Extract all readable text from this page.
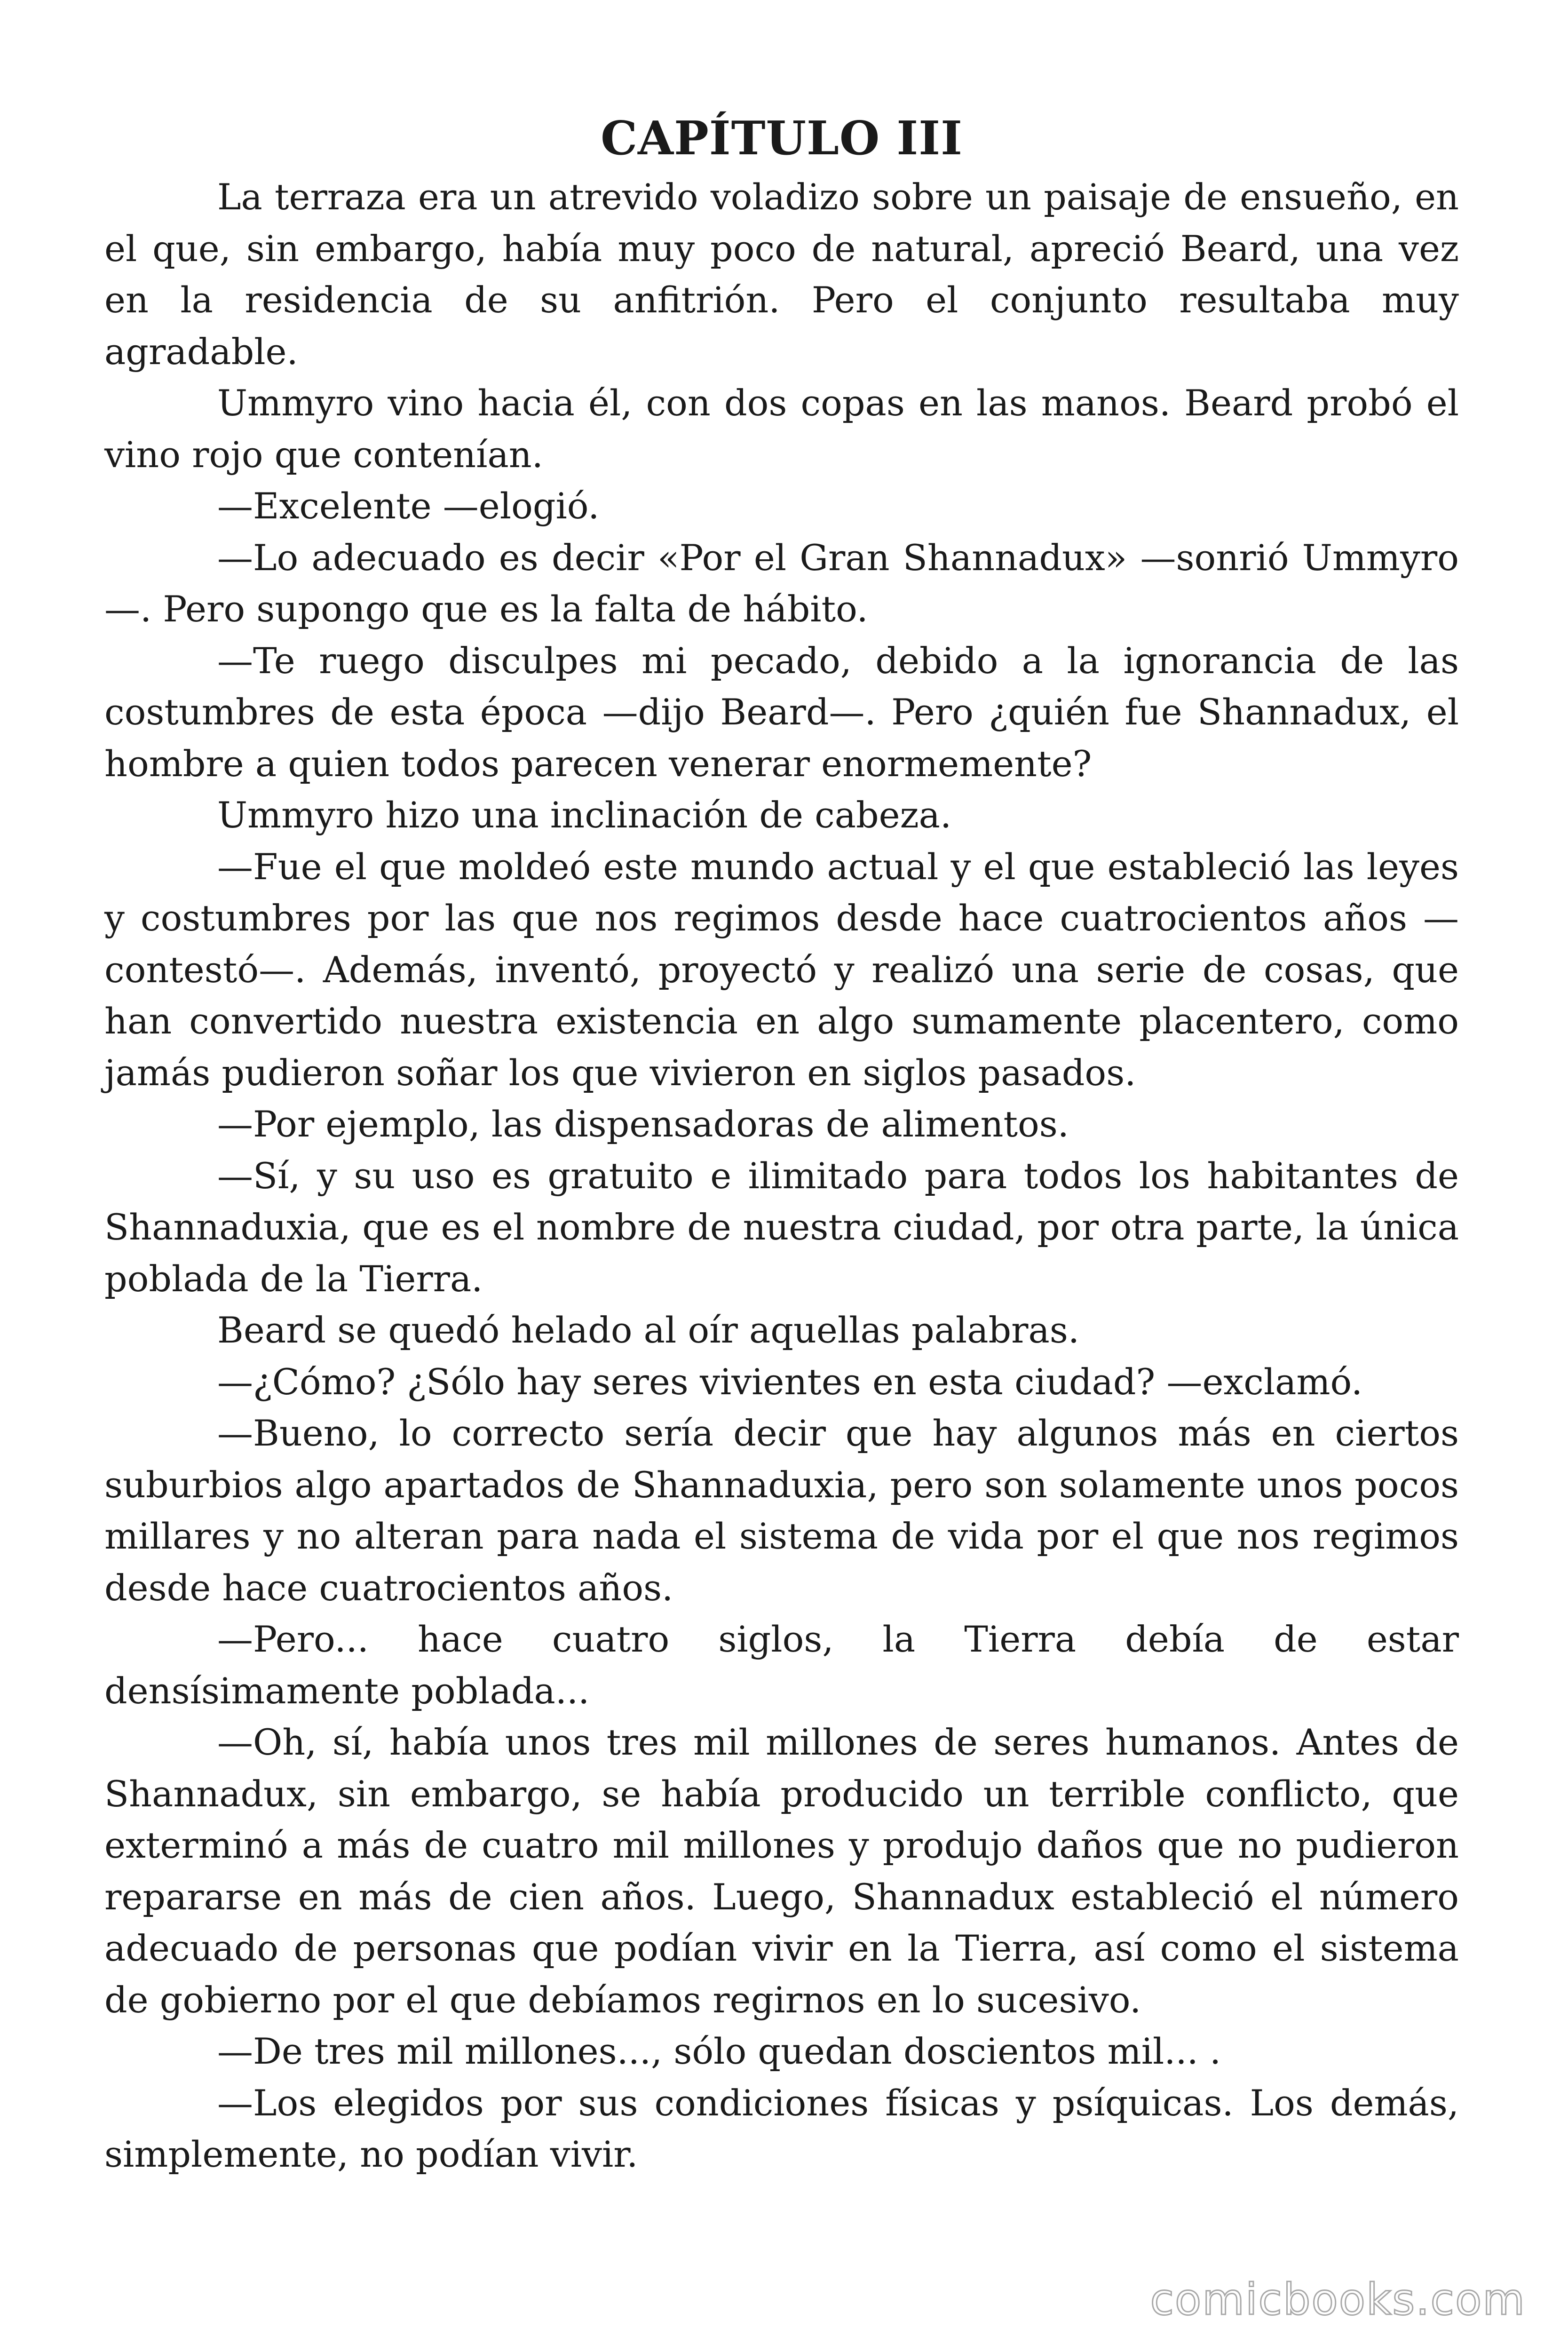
CAPÍTULO III

La terraza era un atrevido voladizo sobre un paisaje de ensueño, en el que, sin embargo, había muy poco de natural, apreció Beard, una vez en la residencia de su anfitrión. Pero el conjunto resultaba muy agradable.

Ummyro vino hacia él, con dos copas en las manos. Beard probó el vino rojo que contenían.

—Excelente —elogió.

—Lo adecuado es decir «Por el Gran Shannadux» —sonrió Ummyro—. Pero supongo que es la falta de hábito.

—Te ruego disculpes mi pecado, debido a la ignorancia de las costumbres de esta época —dijo Beard—. Pero ¿quién fue Shannadux, el hombre a quien todos parecen venerar enormemente?

Ummyro hizo una inclinación de cabeza.

—Fue el que moldeó este mundo actual y el que estableció las leyes y costumbres por las que nos regimos desde hace cuatrocientos años —contestó—. Además, inventó, proyectó y realizó una serie de cosas, que han convertido nuestra existencia en algo sumamente placentero, como jamás pudieron soñar los que vivieron en siglos pasados.

—Por ejemplo, las dispensadoras de alimentos.

—Sí, y su uso es gratuito e ilimitado para todos los habitantes de Shannaduxia, que es el nombre de nuestra ciudad, por otra parte, la única poblada de la Tierra.

Beard se quedó helado al oír aquellas palabras.

—¿Cómo? ¿Sólo hay seres vivientes en esta ciudad? —exclamó.

—Bueno, lo correcto sería decir que hay algunos más en ciertos suburbios algo apartados de Shannaduxia, pero son solamente unos pocos millares y no alteran para nada el sistema de vida por el que nos regimos desde hace cuatrocientos años.

—Pero... hace cuatro siglos, la Tierra debía de estar densísimamente poblada...

—Oh, sí, había unos tres mil millones de seres humanos. Antes de Shannadux, sin embargo, se había producido un terrible conflicto, que exterminó a más de cuatro mil millones y produjo daños que no pudieron repararse en más de cien años. Luego, Shannadux estableció el número adecuado de personas que podían vivir en la Tierra, así como el sistema de gobierno por el que debíamos regirnos en lo sucesivo.

—De tres mil millones..., sólo quedan doscientos mil... .

—Los elegidos por sus condiciones físicas y psíquicas. Los demás, simplemente, no podían vivir.

comicbooks.com
